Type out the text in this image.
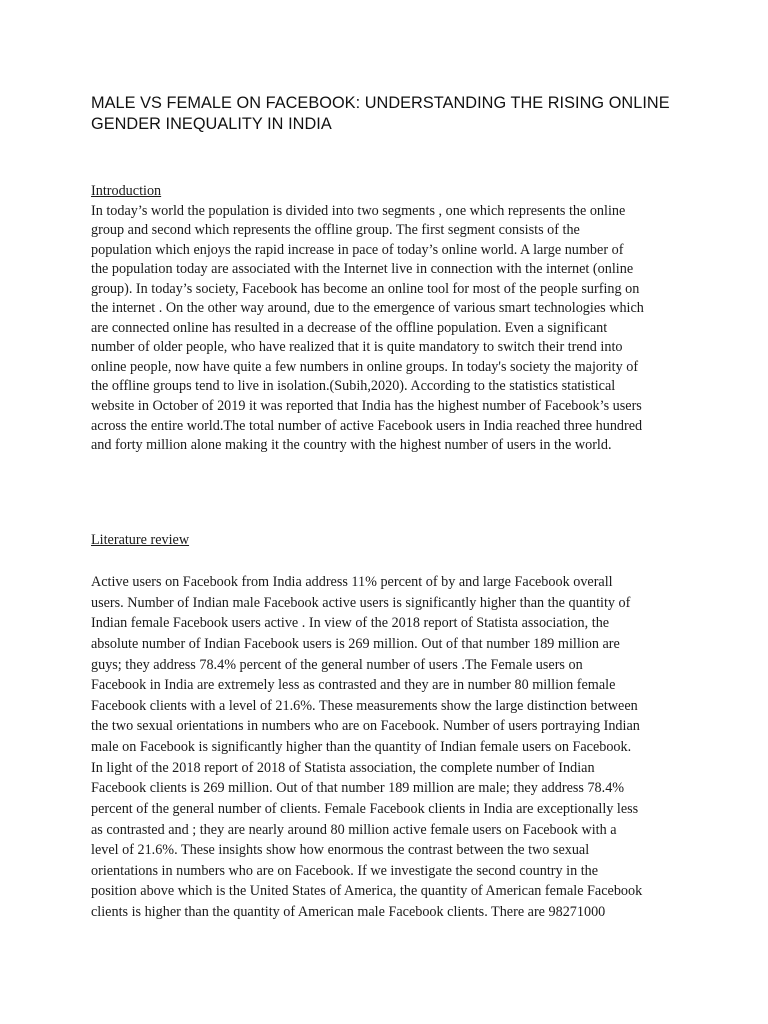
MALE VS FEMALE ON FACEBOOK: UNDERSTANDING THE RISING ONLINE
GENDER INEQUALITY IN INDIA
Introduction

In today’s world the population is divided into two segments , one which represents the online
group and second which represents the offline group. The first segment consists of the
population which enjoys the rapid increase in pace of today’s online world. A large number of
the population today are associated with the Internet live in connection with the internet (online
group). In today’s society, Facebook has become an online tool for most of the people surfing on
the internet . On the other way around, due to the emergence of various smart technologies which
are connected online has resulted in a decrease of the offline population. Even a significant
number of older people, who have realized that it is quite mandatory to switch their trend into
online people, now have quite a few numbers in online groups. In today's society the majority of
the offline groups tend to live in isolation.(Subih,2020). According to the statistics statistical
website in October of 2019 it was reported that India has the highest number of Facebook’s users
across the entire world.The total number of active Facebook users in India reached three hundred
and forty million alone making it the country with the highest number of users in the world.

Literature review

Active users on Facebook from India address 11% percent of by and large Facebook overall
users. Number of Indian male Facebook active users is significantly higher than the quantity of
Indian female Facebook users active . In view of the 2018 report of Statista association, the
absolute number of Indian Facebook users is 269 million. Out of that number 189 million are
guys; they address 78.4% percent of the general number of users .The Female users on
Facebook in India are extremely less as contrasted and they are in number 80 million female
Facebook clients with a level of 21.6%. These measurements show the large distinction between
the two sexual orientations in numbers who are on Facebook. Number of users portraying Indian
male on Facebook is significantly higher than the quantity of Indian female users on Facebook.
In light of the 2018 report of 2018 of Statista association, the complete number of Indian
Facebook clients is 269 million. Out of that number 189 million are male; they address 78.4%
percent of the general number of clients. Female Facebook clients in India are exceptionally less
as contrasted and ; they are nearly around 80 million active female users on Facebook with a
level of 21.6%. These insights show how enormous the contrast between the two sexual
orientations in numbers who are on Facebook. If we investigate the second country in the
position above which is the United States of America, the quantity of American female Facebook
clients is higher than the quantity of American male Facebook clients. There are 98271000
